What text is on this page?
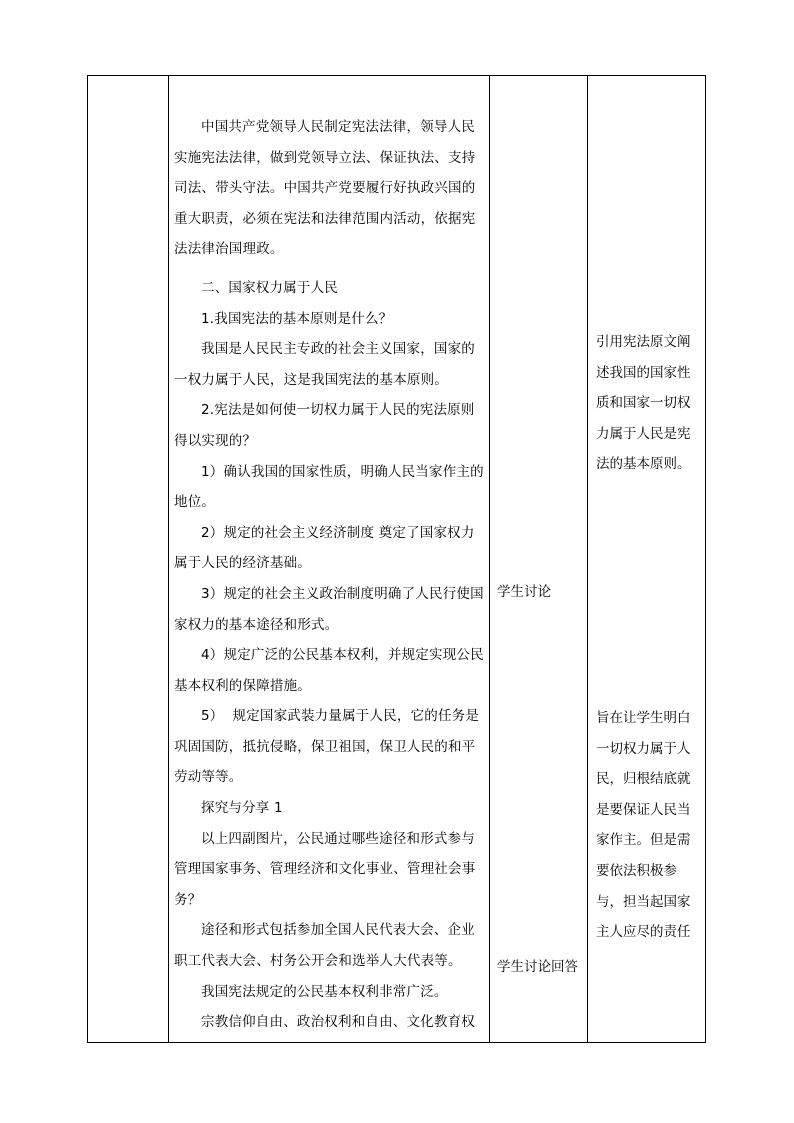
中国共产党领导人民制定宪法法律，领导人民实施宪法法律，做到党领导立法、保证执法、支持司法、带头守法。中国共产党要履行好执政兴国的重大职责，必须在宪法和法律范围内活动，依据宪法法律治国理政。

二、国家权力属于人民

1.我国宪法的基本原则是什么？

我国是人民民主专政的社会主义国家，国家的一权力属于人民，这是我国宪法的基本原则。

2.宪法是如何使一切权力属于人民的宪法原则得以实现的？

1）确认我国的国家性质，明确人民当家作主的地位。

2）规定的社会主义经济制度 奠定了国家权力属于人民的经济基础。

3）规定的社会主义政治制度明确了人民行使国家权力的基本途径和形式。

4）规定广泛的公民基本权利，并规定实现公民基本权利的保障措施。

5）  规定国家武装力量属于人民，它的任务是巩固国防，抵抗侵略，保卫祖国，保卫人民的和平劳动等等。

探究与分享 1

以上四副图片，公民通过哪些途径和形式参与管理国家事务、管理经济和文化事业、管理社会事务？

途径和形式包括参加全国人民代表大会、企业职工代表大会、村务公开会和选举人大代表等。

我国宪法规定的公民基本权利非常广泛。

宗教信仰自由、政治权利和自由、文化教育权

学生讨论
学生讨论回答

引用宪法原文阐述我国的国家性质和国家一切权力属于人民是宪法的基本原则。

旨在让学生明白一切权力属于人民，归根结底就是要保证人民当家作主。但是需要依法积极参与，担当起国家主人应尽的责任
